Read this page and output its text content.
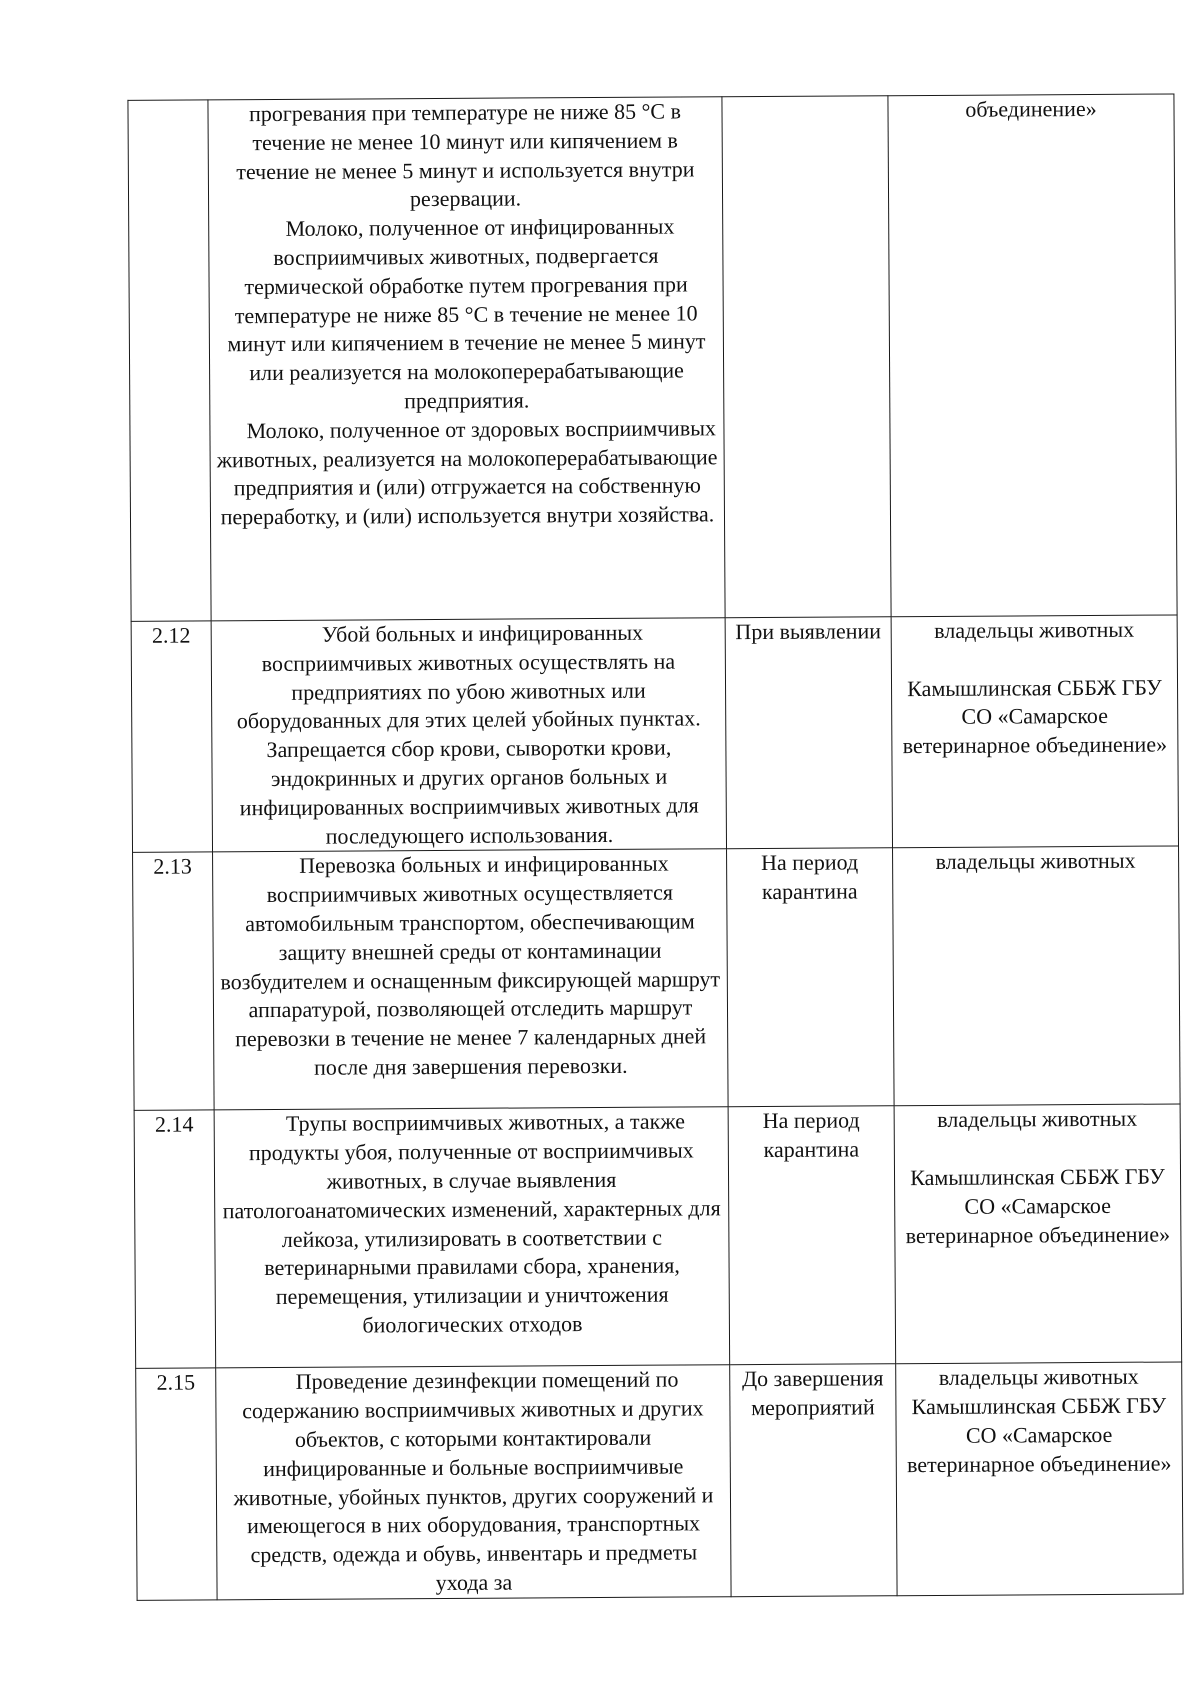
	прогревания при температуре не ниже 85 °С в течение не менее 10 минут или кипячением в течение не менее 5 минут и используется внутри резервации.
Молоко, полученное от инфицированных восприимчивых животных, подвергается термической обработке путем прогревания при температуре не ниже 85 °С в течение не менее 10 минут или кипячением в течение не менее 5 минут или реализуется на молокоперерабатывающие предприятия.
Молоко, полученное от здоровых восприимчивых животных, реализуется на молокоперерабатывающие предприятия и (или) отгружается на собственную переработку, и (или) используется внутри хозяйства.		объединение»

2.12	Убой больных и инфицированных восприимчивых животных осуществлять на предприятиях по убою животных или оборудованных для этих целей убойных пунктах. Запрещается сбор крови, сыворотки крови, эндокринных и других органов больных и инфицированных восприимчивых животных для последующего использования.	При выявлении	владельцы животных
Камышлинская СББЖ ГБУ СО «Самарское ветеринарное объединение»

2.13	Перевозка больных и инфицированных восприимчивых животных осуществляется автомобильным транспортом, обеспечивающим защиту внешней среды от контаминации возбудителем и оснащенным фиксирующей маршрут аппаратурой, позволяющей отследить маршрут перевозки в течение не менее 7 календарных дней после дня завершения перевозки.	На период карантина	владельцы животных

2.14	Трупы восприимчивых животных, а также продукты убоя, полученные от восприимчивых животных, в случае выявления патологоанатомических изменений, характерных для лейкоза, утилизировать в соответствии с ветеринарными правилами сбора, хранения, перемещения, утилизации и уничтожения биологических отходов	На период карантина	владельцы животных
Камышлинская СББЖ ГБУ СО «Самарское ветеринарное объединение»

2.15	Проведение дезинфекции помещений по содержанию восприимчивых животных и других объектов, с которыми контактировали инфицированные и больные восприимчивые животные, убойных пунктов, других сооружений и имеющегося в них оборудования, транспортных средств, одежда и обувь, инвентарь и предметы ухода за	До завершения мероприятий	владельцы животных
Камышлинская СББЖ ГБУ СО «Самарское ветеринарное объединение»
